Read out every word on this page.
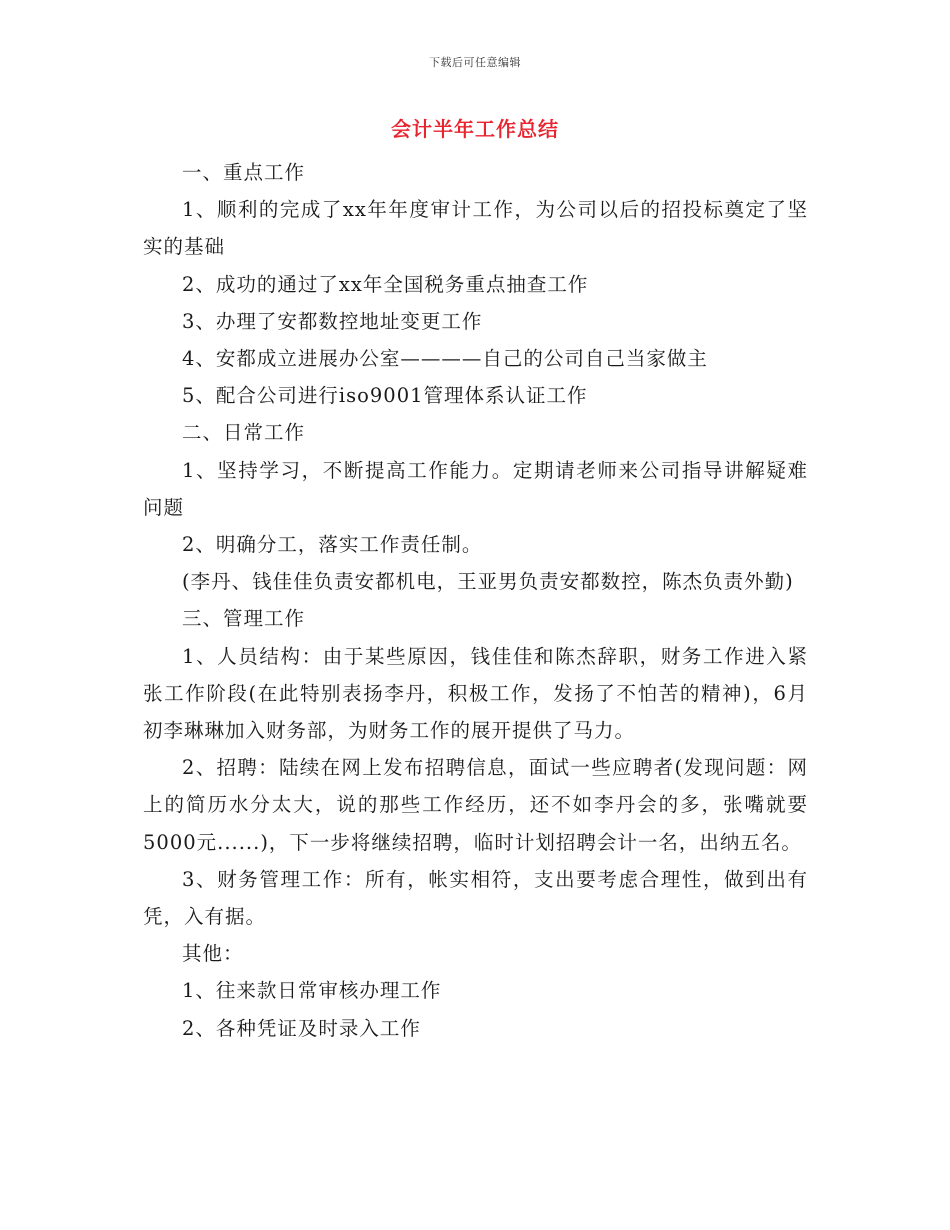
下载后可任意编辑
会计半年工作总结

一、重点工作

1、顺利的完成了xx年年度审计工作，为公司以后的招投标奠定了坚实的基础

2、成功的通过了xx年全国税务重点抽查工作

3、办理了安都数控地址变更工作

4、安都成立进展办公室————自己的公司自己当家做主

5、配合公司进行iso9001管理体系认证工作

二、日常工作

1、坚持学习，不断提高工作能力。定期请老师来公司指导讲解疑难问题

2、明确分工，落实工作责任制。

(李丹、钱佳佳负责安都机电，王亚男负责安都数控，陈杰负责外勤)

三、管理工作

1、人员结构：由于某些原因，钱佳佳和陈杰辞职，财务工作进入紧张工作阶段(在此特别表扬李丹，积极工作，发扬了不怕苦的精神)，6月初李琳琳加入财务部，为财务工作的展开提供了马力。

2、招聘：陆续在网上发布招聘信息，面试一些应聘者(发现问题：网上的简历水分太大，说的那些工作经历，还不如李丹会的多，张嘴就要5000元......)，下一步将继续招聘，临时计划招聘会计一名，出纳五名。

3、财务管理工作：所有，帐实相符，支出要考虑合理性，做到出有凭，入有据。

其他：

1、往来款日常审核办理工作

2、各种凭证及时录入工作
